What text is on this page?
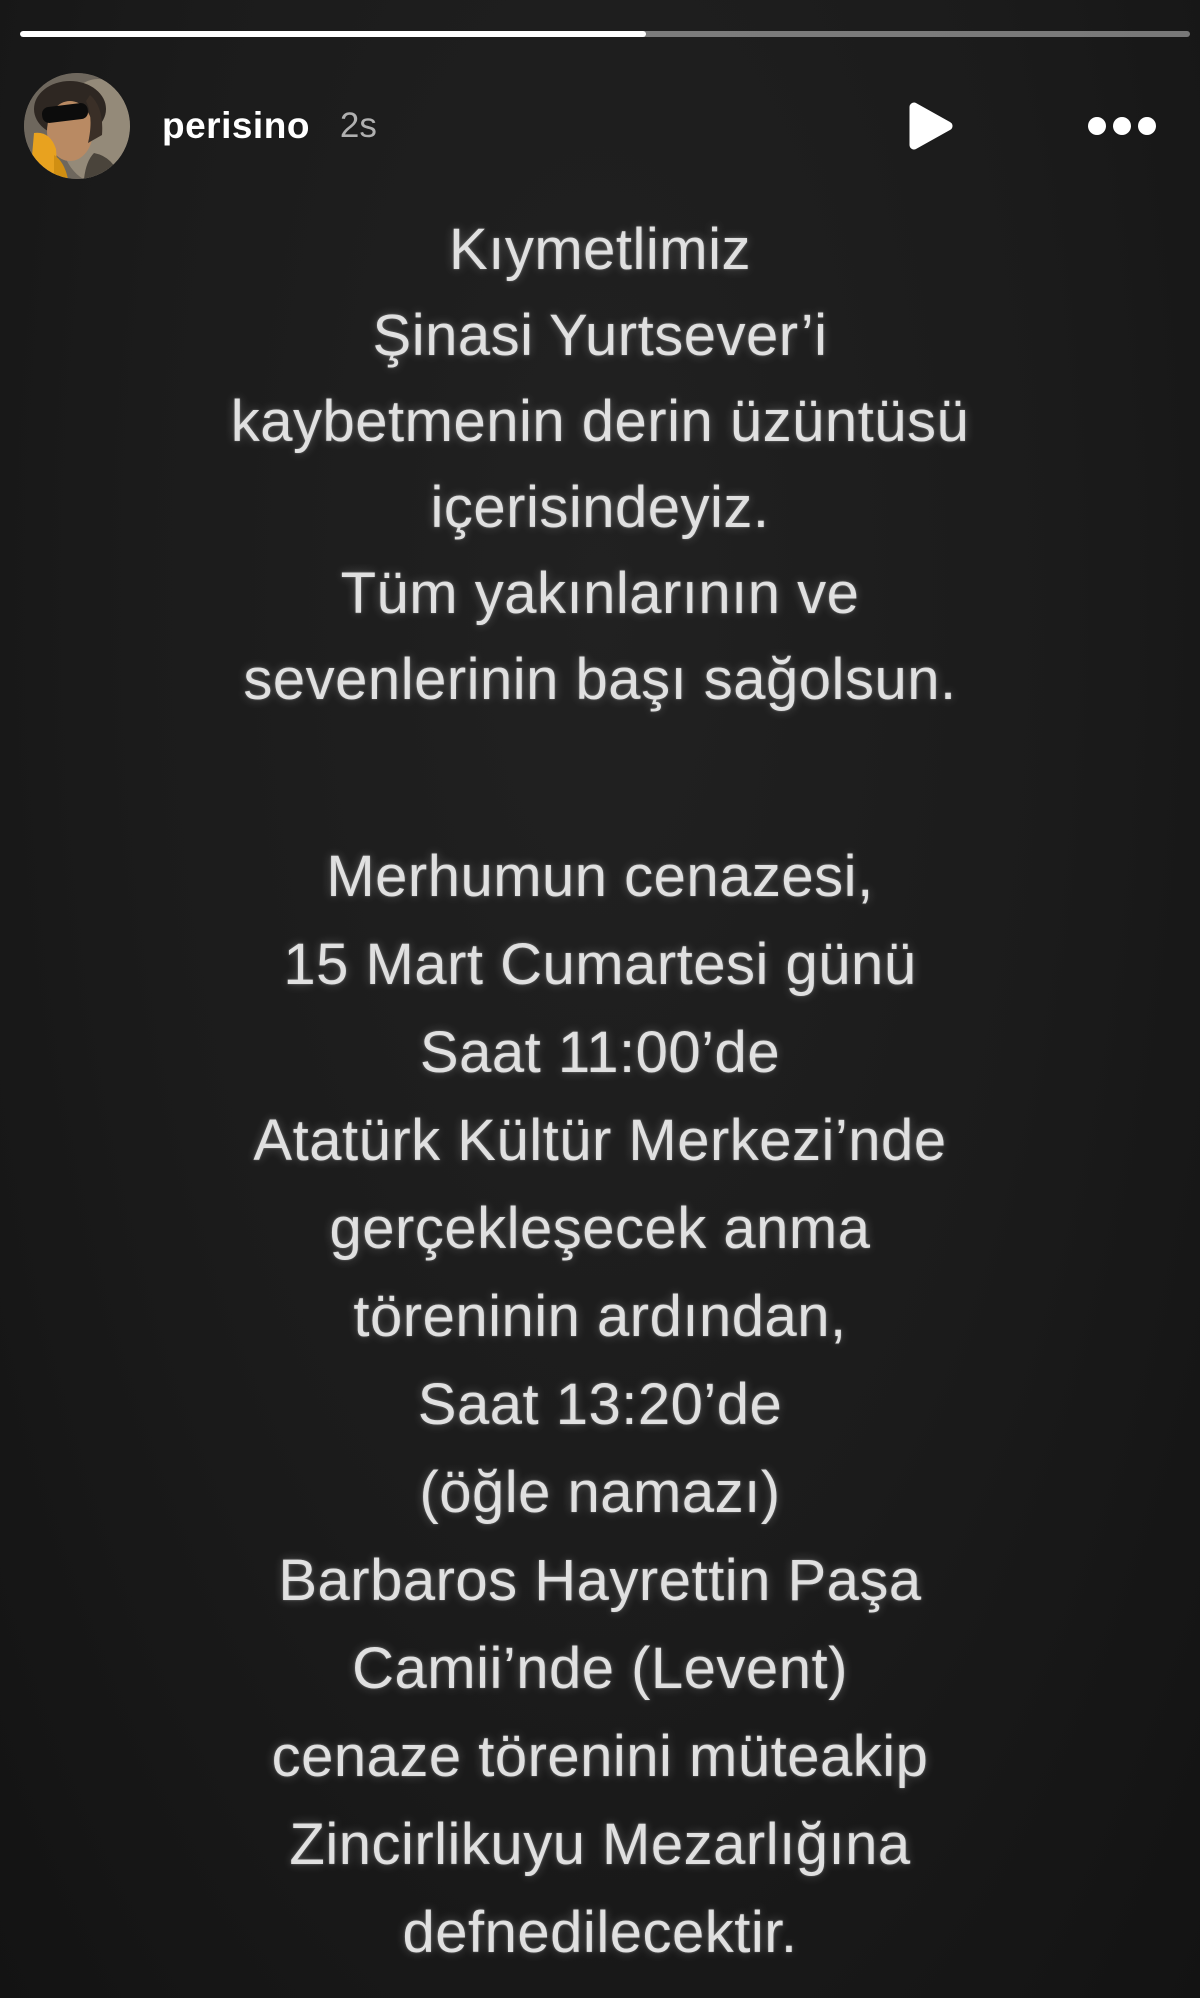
perisino 2s
Kıymetlimiz
Şinasi Yurtsever’i
kaybetmenin derin üzüntüsü
içerisindeyiz.
Tüm yakınlarının ve
sevenlerinin başı sağolsun.
Merhumun cenazesi,
15 Mart Cumartesi günü
Saat 11:00’de
Atatürk Kültür Merkezi’nde
gerçekleşecek anma
töreninin ardından,
Saat 13:20’de
(öğle namazı)
Barbaros Hayrettin Paşa
Camii’nde (Levent)
cenaze törenini müteakip
Zincirlikuyu Mezarlığına
defnedilecektir.
